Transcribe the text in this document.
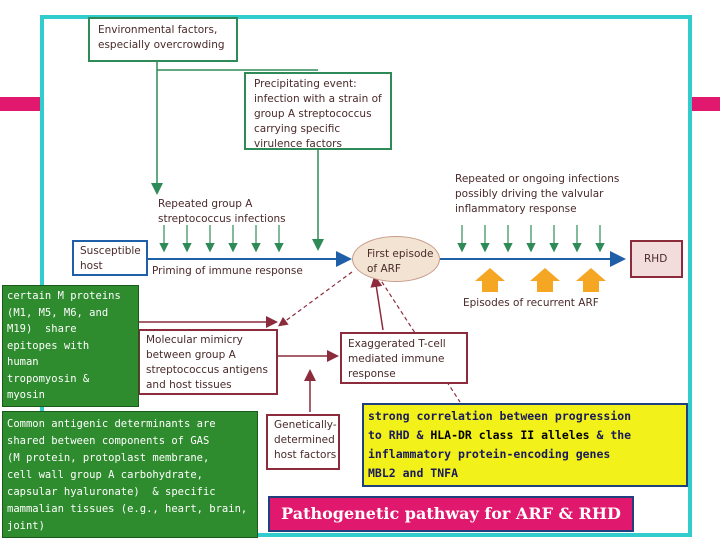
Environmental factors,
especially overcrowding
Precipitating event:
infection with a strain of
group A streptococcus
carrying specific
virulence factors
Repeated group A
streptococcus infections
Repeated or ongoing infections
possibly driving the valvular
inflammatory response
Susceptible
host	Priming of immune response
First episode
of ARF
RHD
Episodes of recurrent ARF
Molecular mimicry
between group A
streptococcus antigens
and host tissues
Exaggerated T-cell
mediated immune
response
Genetically-
determined
host factors
certain M proteins
(M1, M5, M6, and
M19)  share
epitopes with
human
tropomyosin &
myosin
Common antigenic determinants are
shared between components of GAS
(M protein, protoplast membrane,
cell wall group A carbohydrate,
capsular hyaluronate)  & specific
mammalian tissues (e.g., heart, brain,
joint)
strong correlation between progression
to RHD & HLA-DR class II alleles & the
inflammatory protein-encoding genes
MBL2 and TNFA
Pathogenetic pathway for ARF & RHD
